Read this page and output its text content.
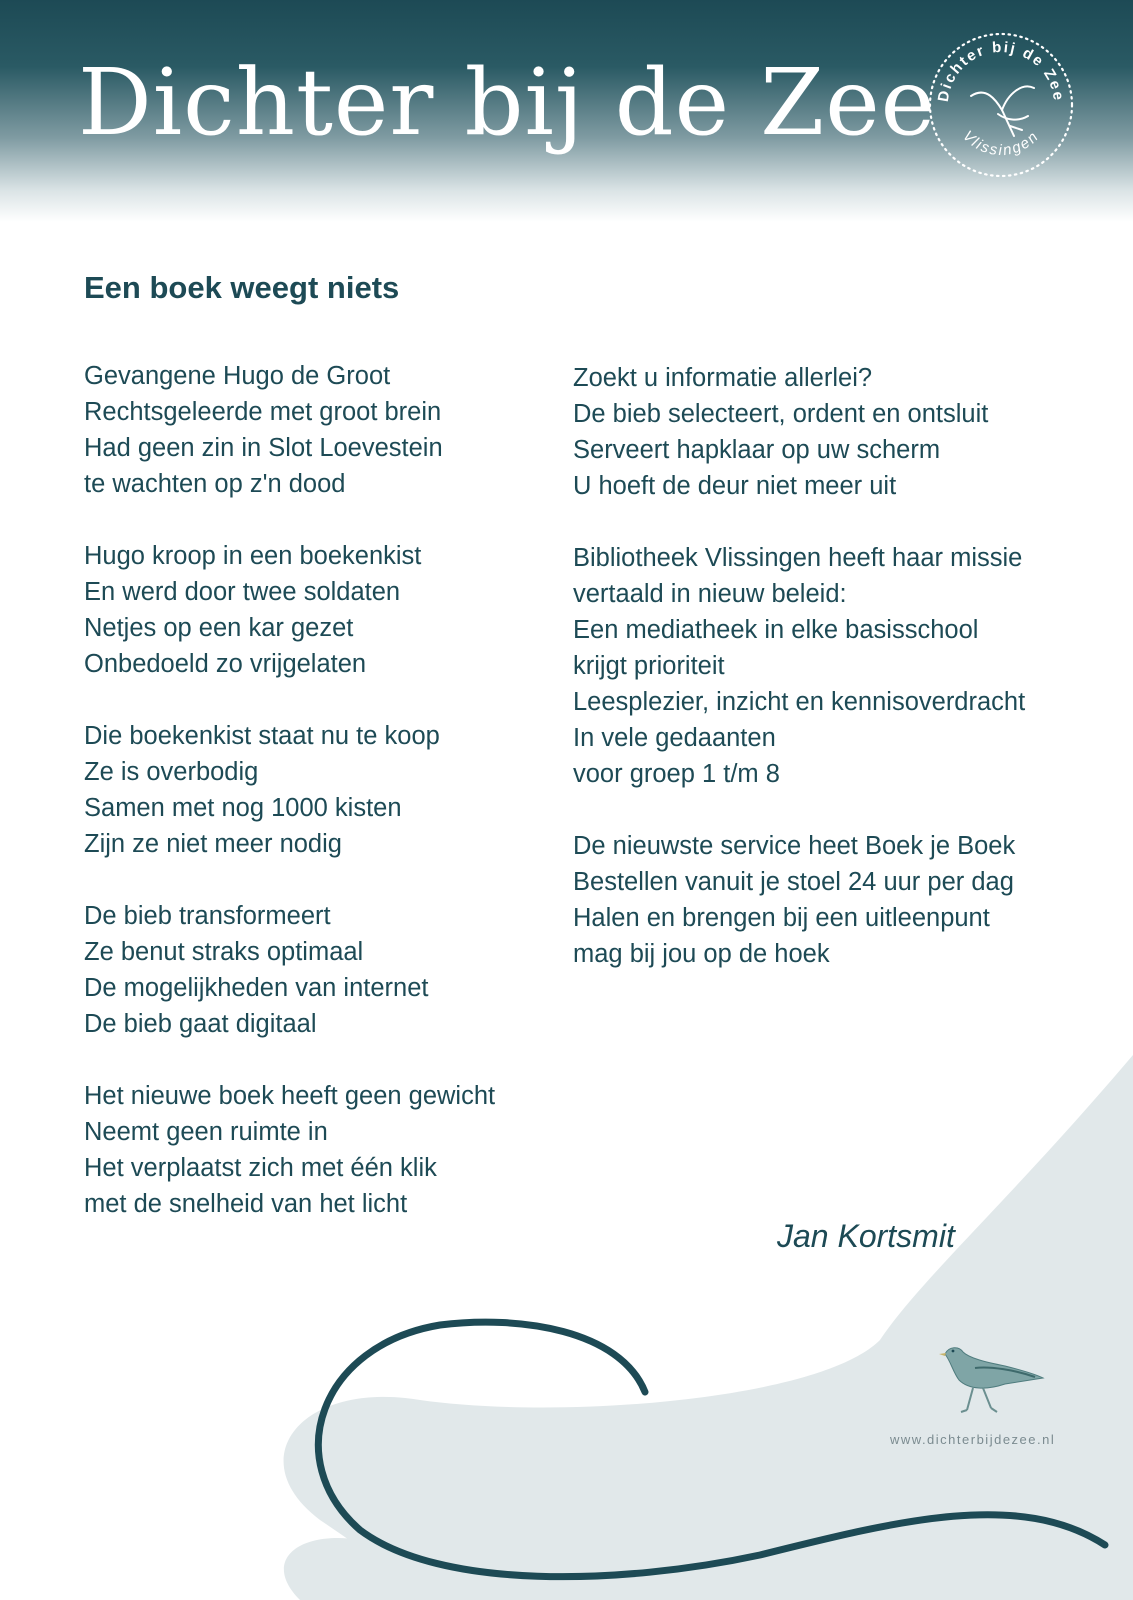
Dichter bij de Zee
Dichter bij de Zee
Vlissingen
Een boek weegt niets
Gevangene Hugo de Groot
Rechtsgeleerde met groot brein
Had geen zin in Slot Loevestein
te wachten op z'n dood
Hugo kroop in een boekenkist
En werd door twee soldaten
Netjes op een kar gezet
Onbedoeld zo vrijgelaten
Die boekenkist staat nu te koop
Ze is overbodig
Samen met nog 1000 kisten
Zijn ze niet meer nodig
De bieb transformeert
Ze benut straks optimaal
De mogelijkheden van internet
De bieb gaat digitaal
Het nieuwe boek heeft geen gewicht
Neemt geen ruimte in
Het verplaatst zich met één klik
met de snelheid van het licht
Zoekt u informatie allerlei?
De bieb selecteert, ordent en ontsluit
Serveert hapklaar op uw scherm
U hoeft de deur niet meer uit
Bibliotheek Vlissingen heeft haar missie
vertaald in nieuw beleid:
Een mediatheek in elke basisschool
krijgt prioriteit
Leesplezier, inzicht en kennisoverdracht
In vele gedaanten
voor groep 1 t/m 8
De nieuwste service heet Boek je Boek
Bestellen vanuit je stoel 24 uur per dag
Halen en brengen bij een uitleenpunt
mag bij jou op de hoek
Jan Kortsmit
www.dichterbijdezee.nl
